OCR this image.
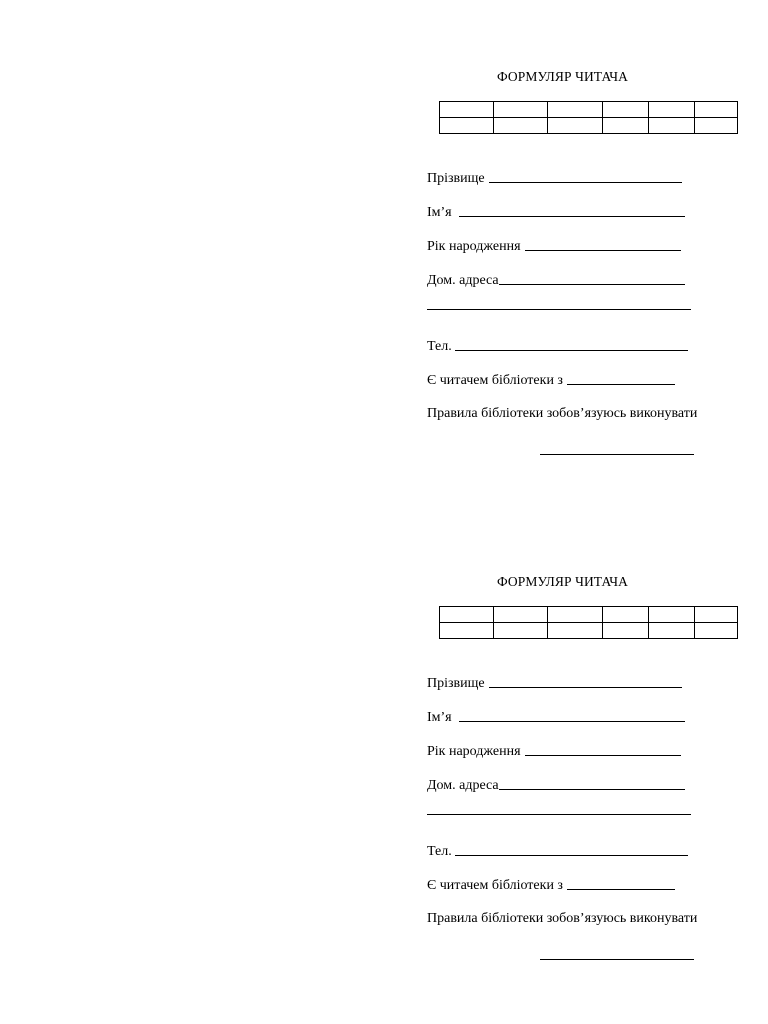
ФОРМУЛЯР ЧИТАЧА

Прізвище
Ім’я
Рік народження
Дом. адреса
Тел.
Є читачем бібліотеки з
Правила бібліотеки зобов’язуюсь виконувати
ФОРМУЛЯР ЧИТАЧА

Прізвище
Ім’я
Рік народження
Дом. адреса
Тел.
Є читачем бібліотеки з
Правила бібліотеки зобов’язуюсь виконувати
